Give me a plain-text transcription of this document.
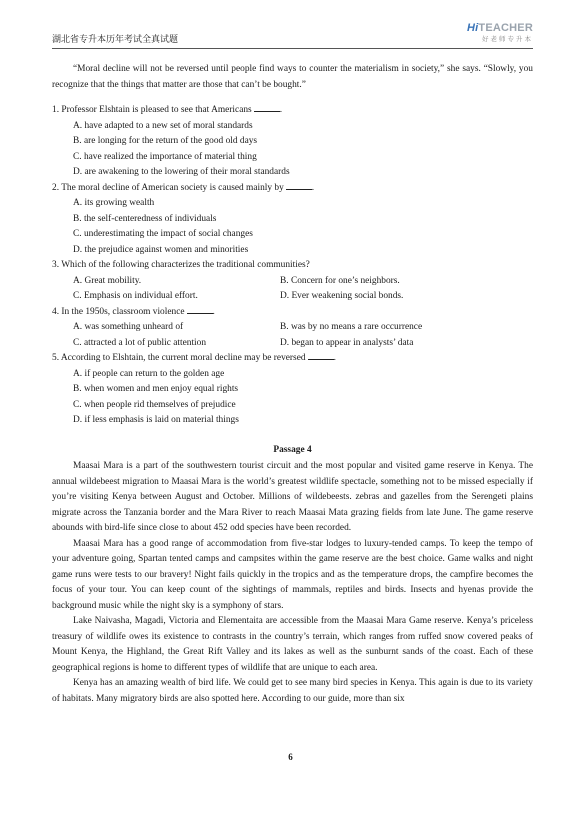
湖北省专升本历年考试全真试题
HiTEACHER
好老师专升本

“Moral decline will not be reversed until people find ways to counter the materialism in society,” she says. “Slowly, you recognize that the things that matter are those that can’t be bought.”

1. Professor Elshtain is pleased to see that Americans	.

A. have adapted to a new set of moral standards

B. are longing for the return of the good old days

C. have realized the importance of material thing

D. are awakening to the lowering of their moral standards

2. The moral decline of American society is caused mainly by	.

A. its growing wealth

B. the self-centeredness of individuals

C. underestimating the impact of social changes

D. the prejudice against women and minorities

3. Which of the following characterizes the traditional communities?

A. Great mobility.	B. Concern for one’s neighbors.

C. Emphasis on individual effort.	D. Ever weakening social bonds.

4. In the 1950s, classroom violence	.

A. was something unheard of	B. was by no means a rare occurrence

C. attracted a lot of public attention	D. began to appear in analysts’ data

5. According to Elshtain, the current moral decline may be reversed	.

A. if people can return to the golden age

B. when women and men enjoy equal rights

C. when people rid themselves of prejudice

D. if less emphasis is laid on material things

Passage 4

Maasai Mara is a part of the southwestern tourist circuit and the most popular and visited game reserve in Kenya. The annual wildebeest migration to Maasai Mara is the world’s greatest wildlife spectacle, something not to be missed especially if you’re visiting Kenya between August and October. Millions of wildebeests. zebras and gazelles from the Serengeti plains migrate across the Tanzania border and the Mara River to reach Maasai Mata grazing fields from late June. The game reserve abounds with bird-life since close to about 452 odd species have been recorded.

Maasai Mara has a good range of accommodation from five-star lodges to luxury-tended camps. To keep the tempo of your adventure going, Spartan tented camps and campsites within the game reserve are the best choice. Game walks and night game runs were tests to our bravery! Night fails quickly in the tropics and as the temperature drops, the campfire becomes the focus of your tour. You can keep count of the sightings of mammals, reptiles and birds. Insects and hyenas provide the background music while the night sky is a symphony of stars.

Lake Naivasha, Magadi, Victoria and Elementaita are accessible from the Maasai Mara Game reserve. Kenya’s priceless treasury of wildlife owes its existence to contrasts in the country’s terrain, which ranges from ruffed snow covered peaks of Mount Kenya, the Highland, the Great Rift Valley and its lakes as well as the sunburnt sands of the coast. Each of these geographical regions is home to different types of wildlife that are unique to each area.

Kenya has an amazing wealth of bird life. We could get to see many bird species in Kenya. This again is due to its variety of habitats. Many migratory birds are also spotted here. According to our guide, more than six

6
